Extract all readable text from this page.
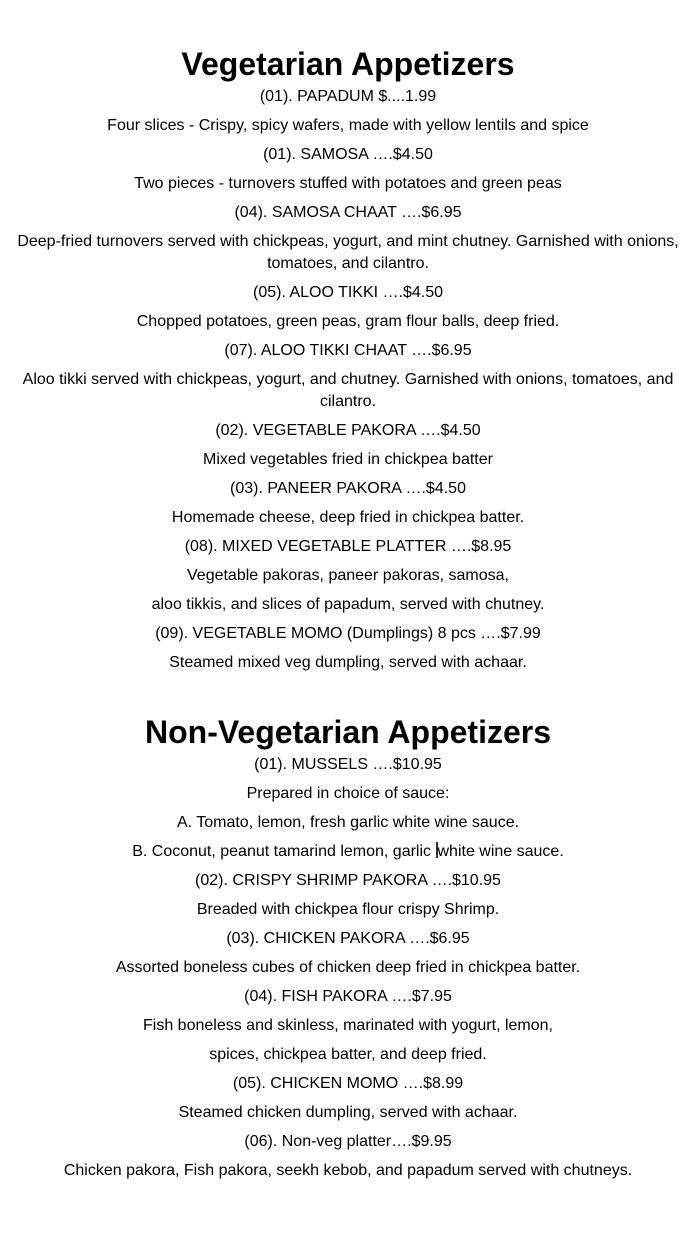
Vegetarian Appetizers

(01). PAPADUM $....1.99

Four slices - Crispy, spicy wafers, made with yellow lentils and spice

(01). SAMOSA ….$4.50

Two pieces - turnovers stuffed with potatoes and green peas

(04). SAMOSA CHAAT ….$6.95

Deep-fried turnovers served with chickpeas, yogurt, and mint chutney. Garnished with onions, tomatoes, and cilantro.

(05). ALOO TIKKI ….$4.50

Chopped potatoes, green peas, gram flour balls, deep fried.

(07). ALOO TIKKI CHAAT ….$6.95

Aloo tikki served with chickpeas, yogurt, and chutney. Garnished with onions, tomatoes, and cilantro.

(02). VEGETABLE PAKORA ….$4.50

Mixed vegetables fried in chickpea batter

(03). PANEER PAKORA ….$4.50

Homemade cheese, deep fried in chickpea batter.

(08). MIXED VEGETABLE PLATTER ….$8.95

Vegetable pakoras, paneer pakoras, samosa,

aloo tikkis, and slices of papadum, served with chutney.

(09). VEGETABLE MOMO (Dumplings) 8 pcs ….$7.99

Steamed mixed veg dumpling, served with achaar.

Non-Vegetarian Appetizers

(01). MUSSELS ….$10.95

Prepared in choice of sauce:

A. Tomato, lemon, fresh garlic white wine sauce.

B. Coconut, peanut tamarind lemon, garlic white wine sauce.

(02). CRISPY SHRIMP PAKORA ….$10.95

Breaded with chickpea flour crispy Shrimp.

(03). CHICKEN PAKORA ….$6.95

Assorted boneless cubes of chicken deep fried in chickpea batter.

(04). FISH PAKORA ….$7.95

Fish boneless and skinless, marinated with yogurt, lemon,

spices, chickpea batter, and deep fried.

(05). CHICKEN MOMO ….$8.99

Steamed chicken dumpling, served with achaar.

(06). Non-veg platter….$9.95

Chicken pakora, Fish pakora, seekh kebob, and papadum served with chutneys.
